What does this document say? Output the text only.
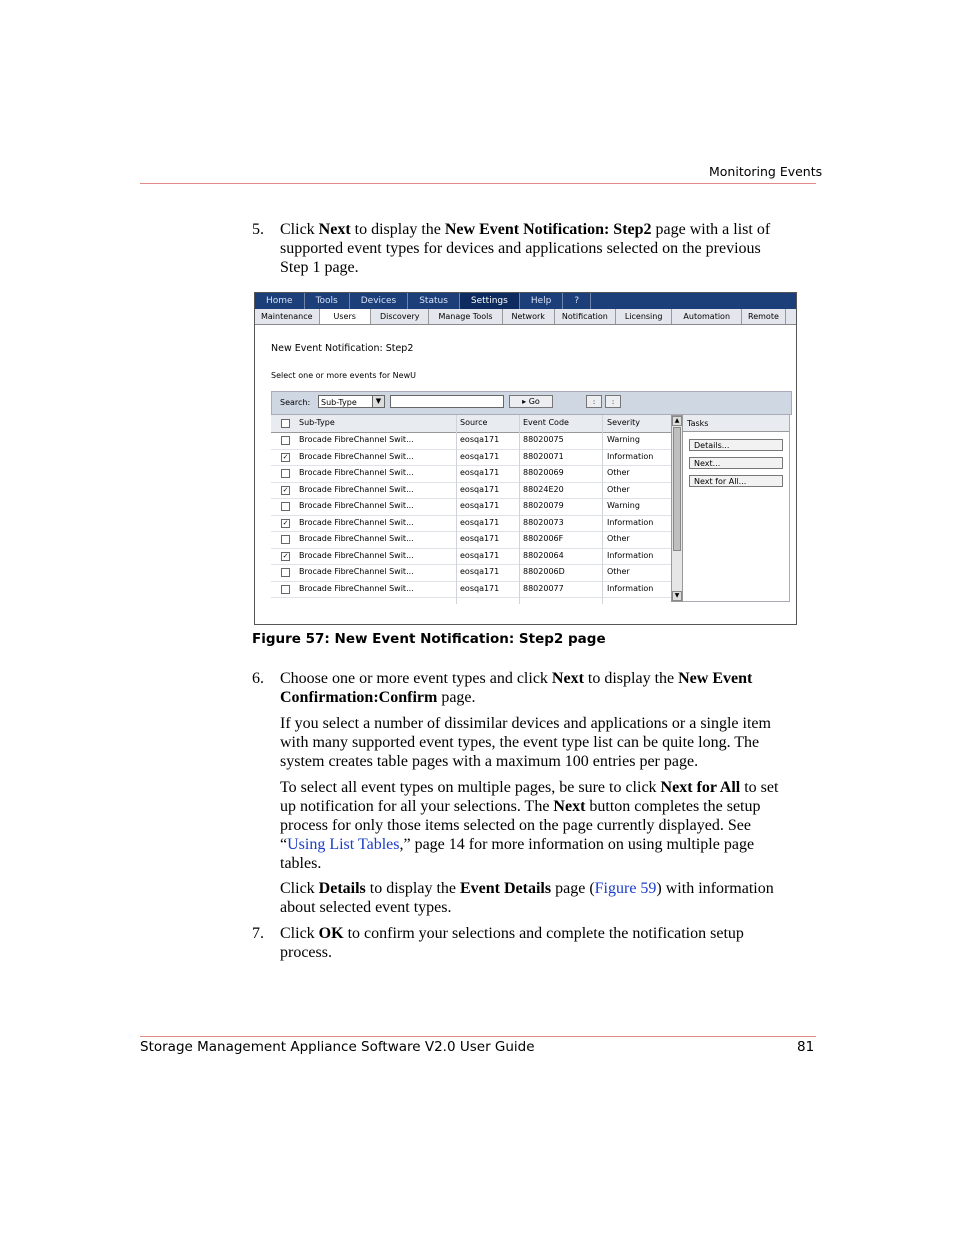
Monitoring Events
5. Click Next to display the New Event Notification: Step2 page with a list of
supported event types for devices and applications selected on the previous
Step 1 page.
Home	Tools	Devices	Status	Settings	Help	?
Maintenance	Users	Discovery	Manage Tools	Network	Notification	Licensing	Automation	Remote
New Event Notification: Step2
Select one or more events for NewU
Search:	Sub-Type	▼	▸ Go	:	:
Sub-Type	Source	Event Code	Severity
Brocade FibreChannel Swit...	eosqa171	88020075	Warning
✓ Brocade FibreChannel Swit...	eosqa171	88020071	Information
Brocade FibreChannel Swit...	eosqa171	88020069	Other
✓ Brocade FibreChannel Swit...	eosqa171	88024E20	Other
Brocade FibreChannel Swit...	eosqa171	88020079	Warning
✓ Brocade FibreChannel Swit...	eosqa171	88020073	Information
Brocade FibreChannel Swit...	eosqa171	8802006F	Other
✓ Brocade FibreChannel Swit...	eosqa171	88020064	Information
Brocade FibreChannel Swit...	eosqa171	8802006D	Other
Brocade FibreChannel Swit...	eosqa171	88020077	Information
▲
▼
Tasks
Details...
Next...
Next for All...
Figure 57: New Event Notification: Step2 page
6. Choose one or more event types and click Next to display the New Event
Confirmation:Confirm page.
If you select a number of dissimilar devices and applications or a single item
with many supported event types, the event type list can be quite long. The
system creates table pages with a maximum 100 entries per page.
To select all event types on multiple pages, be sure to click Next for All to set
up notification for all your selections. The Next button completes the setup
process for only those items selected on the page currently displayed. See
“Using List Tables,” page 14 for more information on using multiple page
tables.
Click Details to display the Event Details page (Figure 59) with information
about selected event types.
7. Click OK to confirm your selections and complete the notification setup
process.
Storage Management Appliance Software V2.0 User Guide	81
